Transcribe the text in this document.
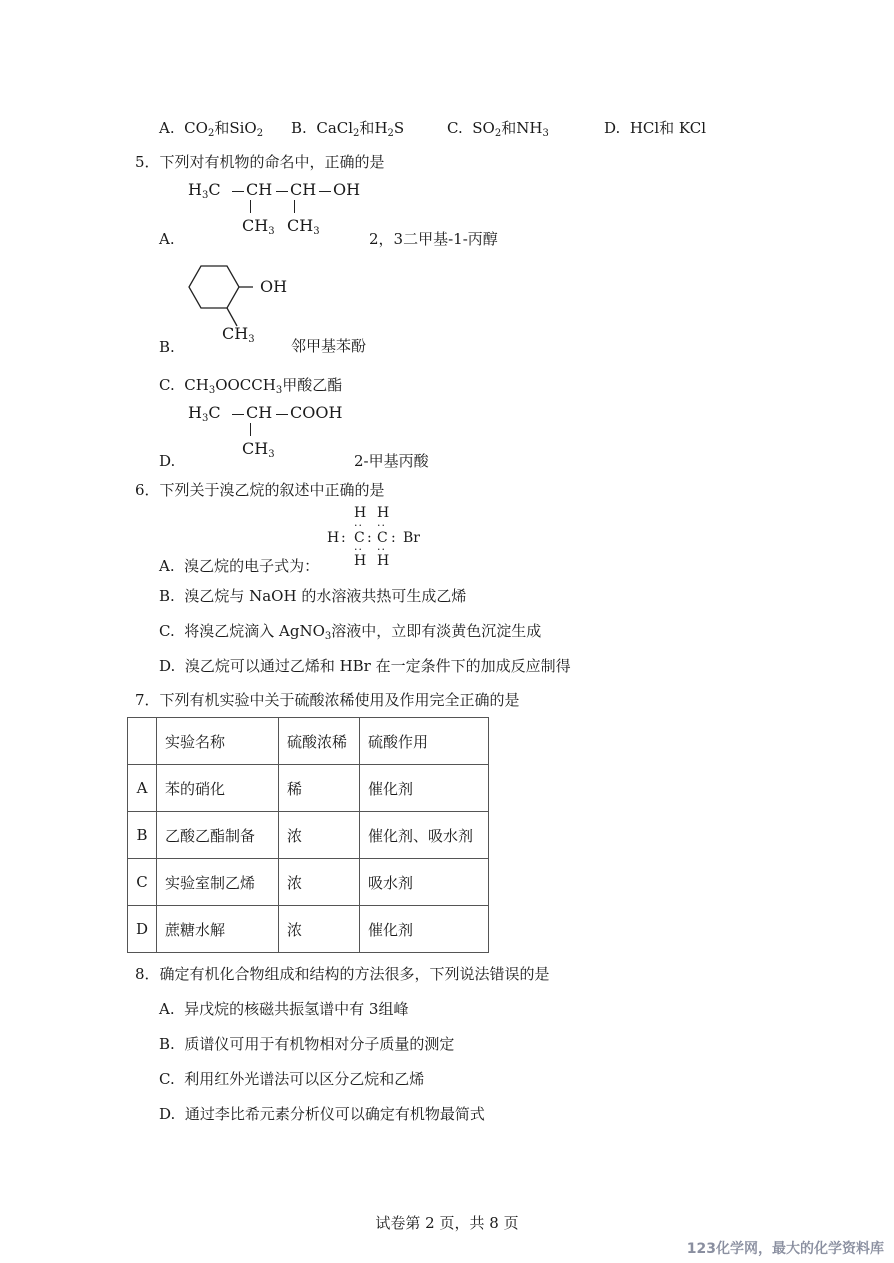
A. $CO_2$和SiO$_2$ B. CaCl$_2$和$H_2S$	C. $SO_2$和$NH_3$	D. HCl和 KCl
5．下列对有机物的命名中，正确的是
$H_3C$ CH CH OH
$CH_3$ $CH_3$
A.	2，3二甲基-1-丙醇
OH
$CH_3$
B.	邻甲基苯酚
C. $CH_3OOCCH_3$甲酸乙酯
$H_3C$ CH COOH
$CH_3$
D.	2-甲基丙酸
6．下列关于溴乙烷的叙述中正确的是
H H
H : C : C : Br
H H
·· ··
·· ··
A. 溴乙烷的电子式为：
B. 溴乙烷与 NaOH 的水溶液共热可生成乙烯
C. 将溴乙烷滴入 AgNO$_3$溶液中，立即有淡黄色沉淀生成
D. 溴乙烷可以通过乙烯和 HBr 在一定条件下的加成反应制得
7．下列有机实验中关于硫酸浓稀使用及作用完全正确的是
	实验名称	硫酸浓稀	硫酸作用
A	苯的硝化	稀	催化剂
B	乙酸乙酯制备	浓	催化剂、吸水剂
C	实验室制乙烯	浓	吸水剂
D	蔗糖水解	浓	催化剂
8．确定有机化合物组成和结构的方法很多，下列说法错误的是
A. 异戊烷的核磁共振氢谱中有 3组峰
B. 质谱仪可用于有机物相对分子质量的测定
C. 利用红外光谱法可以区分乙烷和乙烯
D. 通过李比希元素分析仪可以确定有机物最简式
试卷第 2 页，共 8 页
123化学网，最大的化学资料库
